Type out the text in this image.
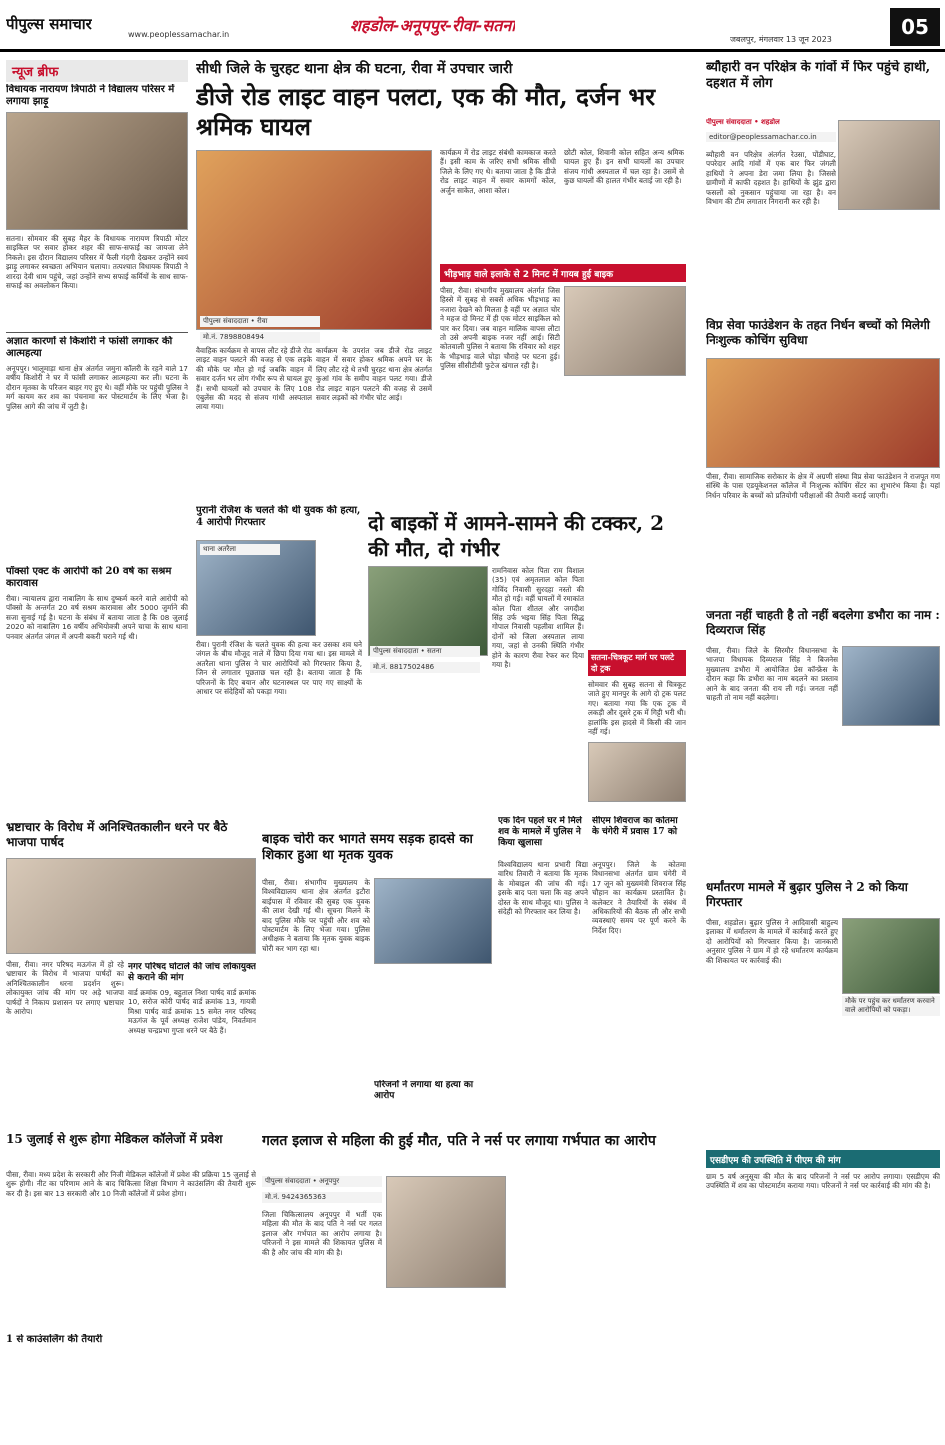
पीपुल्स समाचार
www.peoplessamachar.in	शहडोल-अनूपपुर-रीवा-सतना
जबलपुर, मंगलवार 13 जून 2023
05
न्यूज ब्रीफ
विधायक नारायण त्रिपाठी ने विद्यालय परिसर में लगाया झाड़ू
सतना। सोमवार की सुबह मैहर के विधायक नारायण त्रिपाठी मोटर साइकिल पर सवार होकर शहर की साफ-सफाई का जायजा लेने निकले। इस दौरान विद्यालय परिसर में फैली गंदगी देखकर उन्होंने स्वयं झाड़ू लगाकर स्वच्छता अभियान चलाया। तत्पश्चात विधायक त्रिपाठी ने शारदा देवी धाम पहुंचे, जहां उन्होंने सभ्य सफाई कर्मियों के साथ साफ-सफाई का अवलोकन किया।
अज्ञात कारणों से किशोरी ने फांसी लगाकर की आत्महत्या
अनूपपुर। भालूमाड़ा थाना क्षेत्र अंतर्गत जमुना कॉलरी के रहने वाले 17 वर्षीय किशोरी ने घर में फांसी लगाकर आत्महत्या कर ली। घटना के दौरान मृतका के परिजन बाहर गए हुए थे। वहीं मौके पर पहुंची पुलिस ने मर्ग कायम कर शव का पंचनामा कर पोस्टमार्टम के लिए भेजा है। पुलिस आगे की जांच में जुटी है।
पॉक्सो एक्ट के आरोपी को 20 वर्ष का सश्रम कारावास
रीवा। न्यायालय द्वारा नाबालिग के साथ दुष्कर्म करने वाले आरोपी को पॉक्सो के अन्तर्गत 20 वर्ष सश्रम कारावास और 5000 जुर्माने की सजा सुनाई गई है। घटना के संबंध में बताया जाता है कि 08 जुलाई 2020 को नाबालिग 16 वर्षीय अभियोक्त्री अपने चाचा के साथ थाना पनवार अंतर्गत जंगल में अपनी बकरी चराने गई थी।
सीधी जिले के चुरहट थाना क्षेत्र की घटना, रीवा में उपचार जारी
डीजे रोड लाइट वाहन पलटा, एक की मौत, दर्जन भर श्रमिक घायल
पीपुल्स संवाददाता • रीवा
मो.नं. 7898808494
वैवाहिक कार्यक्रम से वापस लौट रहे डीजे रोड लाइट वाहन पलटने की वजह से एक लड़के की मौके पर मौत हो गई जबकि वाहन में सवार दर्जन भर लोग गंभीर रूप से घायल हुए हैं। सभी घायलों को उपचार के लिए 108 एंबुलेंस की मदद से संजय गांधी अस्पताल लाया गया।
कार्यक्रम के उपरांत जब डीजे रोड लाइट वाहन में सवार होकर श्रमिक अपने घर के लिए लौट रहे थे तभी चुरहट थाना क्षेत्र अंतर्गत कुआं गांव के समीप वाहन पलट गया। डीजे रोड लाइट वाहन पलटने की वजह से उसमें सवार लड़कों को गंभीर चोट आई।
कार्यक्रम में रोड लाइट संबंधी कामकाज करते हैं। इसी काम के जरिए सभी श्रमिक सीधी जिले के लिए गए थे। बताया जाता है कि डीजे रोड लाइट वाहन में सवार कामगों कोल, अर्जुन साकेत, आशा कोल।
छोटी कोल, शिवानी कोल सहित अन्य श्रमिक घायल हुए हैं। इन सभी घायलों का उपचार संजय गांधी अस्पताल में चल रहा है। उसमें से कुछ घायलों की हालत गंभीर बताई जा रही है।
भीड़भाड़ वाले इलाके से 2 मिनट में गायब हुई बाइक
पीसा, रीवा। संभागीय मुख्यालय अंतर्गत जिस हिस्से में सुबह से सबसे अधिक भीड़भाड़ का नजारा देखने को मिलता है वहीं पर अज्ञात चोर ने महज दो मिनट में ही एक मोटर साइकिल को पार कर दिया। जब वाहन मालिक वापस लौटा तो उसे अपनी बाइक नजर नहीं आई। सिटी कोतवाली पुलिस ने बताया कि रविवार को शहर के भीड़भाड़ वाले घोड़ा चौराहे पर घटना हुई। पुलिस सीसीटीवी फुटेज खंगाल रही है।
पुरानी रंजिश के चलते की थी युवक की हत्या, 4 आरोपी गिरफ्तार
थाना अतरैला
रीवा। पुरानी रंजिश के चलते युवक की हत्या कर उसका शव घने जंगल के बीच मौजूद नाले में छिपा दिया गया था। इस मामले में अतरैला थाना पुलिस ने चार आरोपियों को गिरफ्तार किया है, जिन से लगातार पूछताछ चल रही है। बताया जाता है कि परिजनों के दिए बयान और घटनास्थल पर पाए गए साक्ष्यों के आधार पर संदेहियों को पकड़ा गया।
दो बाइकों में आमने-सामने की टक्कर, 2 की मौत, दो गंभीर
पीपुल्स संवाददाता • सतना
मो.नं. 8817502486
रामनिवास कोल पिता राम विशाल (35) एवं अमृतलाल कोल पिता गोविंद निवासी सुरदहा नस्तो की मौत हो गई। वहीं घायलों में रमाकांत कोल पिता शीतल और जगदीश सिंह उर्फ भइया सिंह पिता सिद्ध गोपाल निवासी पहलीवा शामिल हैं। दोनों को जिला अस्पताल लाया गया, जहां से उनकी स्थिति गंभीर होने के कारण रीवा रेफर कर दिया गया है।
सतना-चित्रकूट मार्ग पर पलटे दो ट्रक
सोमवार की सुबह सतना से चित्रकूट जाते हुए मानपुर के आगे दो ट्रक पलट गए। बताया गया कि एक ट्रक में लकड़ी और दूसरे ट्रक में गिट्टी भरी थी। हालांकि इस हादसे में किसी की जान नहीं गई।
भ्रष्टाचार के विरोध में अनिश्चितकालीन धरने पर बैठे भाजपा पार्षद
पीसा, रीवा। नगर परिषद मऊगंज में हो रहे भ्रष्टाचार के विरोध में भाजपा पार्षदों का अनिश्चितकालीन धरना प्रदर्शन शुरू। लोकायुक्त जांच की मांग पर अड़े भाजपा पार्षदों ने निकाय प्रशासन पर लगाए भ्रष्टाचार के आरोप।
नगर परिषद घोटाले की जांच लोकायुक्त से कराने की मांग
वार्ड क्रमांक 09, बहुताल निशा पार्षद वार्ड क्रमांक 10, सरोज कोरी पार्षद वार्ड क्रमांक 13, गायत्री मिश्रा पार्षद वार्ड क्रमांक 15 समेत नगर परिषद मऊगंज के पूर्व अध्यक्ष राजेश पांडेय, निवर्तमान अध्यक्ष चन्द्रप्रभा गुप्ता धरने पर बैठे हैं।
बाइक चोरी कर भागते समय सड़क हादसे का शिकार हुआ था मृतक युवक
पीसा, रीवा। संभागीय मुख्यालय के विश्वविद्यालय थाना क्षेत्र अंतर्गत इटौरा बाईपास में रविवार की सुबह एक युवक की लाश देखी गई थी। सूचना मिलने के बाद पुलिस मौके पर पहुंची और शव को पोस्टमार्टम के लिए भेजा गया। पुलिस अधीक्षक ने बताया कि मृतक युवक बाइक चोरी कर भाग रहा था।
परिजनों ने लगाया था हत्या का आरोप
एक दिन पहले घर में मिले शव के मामले में पुलिस ने किया खुलासा
विश्वविद्यालय थाना प्रभारी विद्या वारिध तिवारी ने बताया कि मृतक के मोबाइल की जांच की गई। इसके बाद पता चला कि वह अपने दोस्त के साथ मौजूद था। पुलिस ने संदेही को गिरफ्तार कर लिया है।
सीएम शिवराज का कोतमा के चंगेरी में प्रवास 17 को
अनूपपुर। जिले के कोतमा विधानसभा अंतर्गत ग्राम चंगेरी में 17 जून को मुख्यमंत्री शिवराज सिंह चौहान का कार्यक्रम प्रस्तावित है। कलेक्टर ने तैयारियों के संबंध में अधिकारियों की बैठक ली और सभी व्यवस्थाएं समय पर पूर्ण करने के निर्देश दिए।
ब्यौहारी वन परिक्षेत्र के गांवों में फिर पहुंचे हाथी, दहशत में लोग
पीपुल्स संवाददाता • शहडोल
editor@peoplessamachar.co.in
ब्यौहारी वन परिक्षेत्र अंतर्गत रेउसा, पोंडीघाट, पपरेदार आदि गांवों में एक बार फिर जंगली हाथियों ने अपना डेरा जमा लिया है। जिससे ग्रामीणों में काफी दहशत है। हाथियों के झुंड द्वारा फसलों को नुकसान पहुंचाया जा रहा है। वन विभाग की टीम लगातार निगरानी कर रही है।
विप्र सेवा फाउंडेशन के तहत निर्धन बच्चों को मिलेगी निःशुल्क कोचिंग सुविधा
पीसा, रीवा। सामाजिक सरोकार के क्षेत्र में अग्रणी संस्था विप्र सेवा फाउंडेशन ने राजपूत गण संस्थि के पास एडयूकेशनल कॉलेज में निःशुल्क कोचिंग सेंटर का शुभारंभ किया है। यहां निर्धन परिवार के बच्चों को प्रतियोगी परीक्षाओं की तैयारी कराई जाएगी।
जनता नहीं चाहती है तो नहीं बदलेगा डभौरा का नाम : दिव्यराज सिंह
पीसा, रीवा। जिले के सिरमौर विधानसभा के भाजपा विधायक दिव्यराज सिंह ने बिजनेस मुख्यालय डभौरा में आयोजित प्रेस कॉन्फ्रेंस के दौरान कहा कि डभौरा का नाम बदलने का प्रस्ताव आने के बाद जनता की राय ली गई। जनता नहीं चाहती तो नाम नहीं बदलेगा।
धर्मांतरण मामले में बुढ़ार पुलिस ने 2 को किया गिरफ्तार
मौके पर पहुंच कर धर्मांतरण करवाने वाले आरोपियों को पकड़ा।
पीसा, शहडोल। बुढ़ार पुलिस ने आदिवासी बाहुल्य इलाका में धर्मांतरण के मामले में कार्रवाई करते हुए दो आरोपियों को गिरफ्तार किया है। जानकारी अनुसार पुलिस ने ग्राम में हो रहे धर्मांतरण कार्यक्रम की शिकायत पर कार्रवाई की।
15 जुलाई से शुरू होगा मेडिकल कॉलेजों में प्रवेश
पीसा, रीवा। मध्य प्रदेश के सरकारी और निजी मेडिकल कॉलेजों में प्रवेश की प्रक्रिया 15 जुलाई से शुरू होगी। नीट का परिणाम आने के बाद चिकित्सा शिक्षा विभाग ने काउंसलिंग की तैयारी शुरू कर दी है। इस बार 13 सरकारी और 10 निजी कॉलेजों में प्रवेश होगा।
1 से काउंसलिंग की तैयारी
गलत इलाज से महिला की हुई मौत, पति ने नर्स पर लगाया गर्भपात का आरोप
पीपुल्स संवाददाता • अनूपपुर
मो.नं. 9424365363
जिला चिकित्सालय अनूपपुर में भर्ती एक महिला की मौत के बाद पति ने नर्स पर गलत इलाज और गर्भपात का आरोप लगाया है। परिजनों ने इस मामले की शिकायत पुलिस में की है और जांच की मांग की है।
एसडीएम की उपस्थिति में पीएम की मांग
ग्राम 5 वर्ष अनुसूया की मौत के बाद परिजनों ने नर्स पर आरोप लगाया। एसडीएम की उपस्थिति में शव का पोस्टमार्टम कराया गया। परिजनों ने नर्स पर कार्रवाई की मांग की है।
